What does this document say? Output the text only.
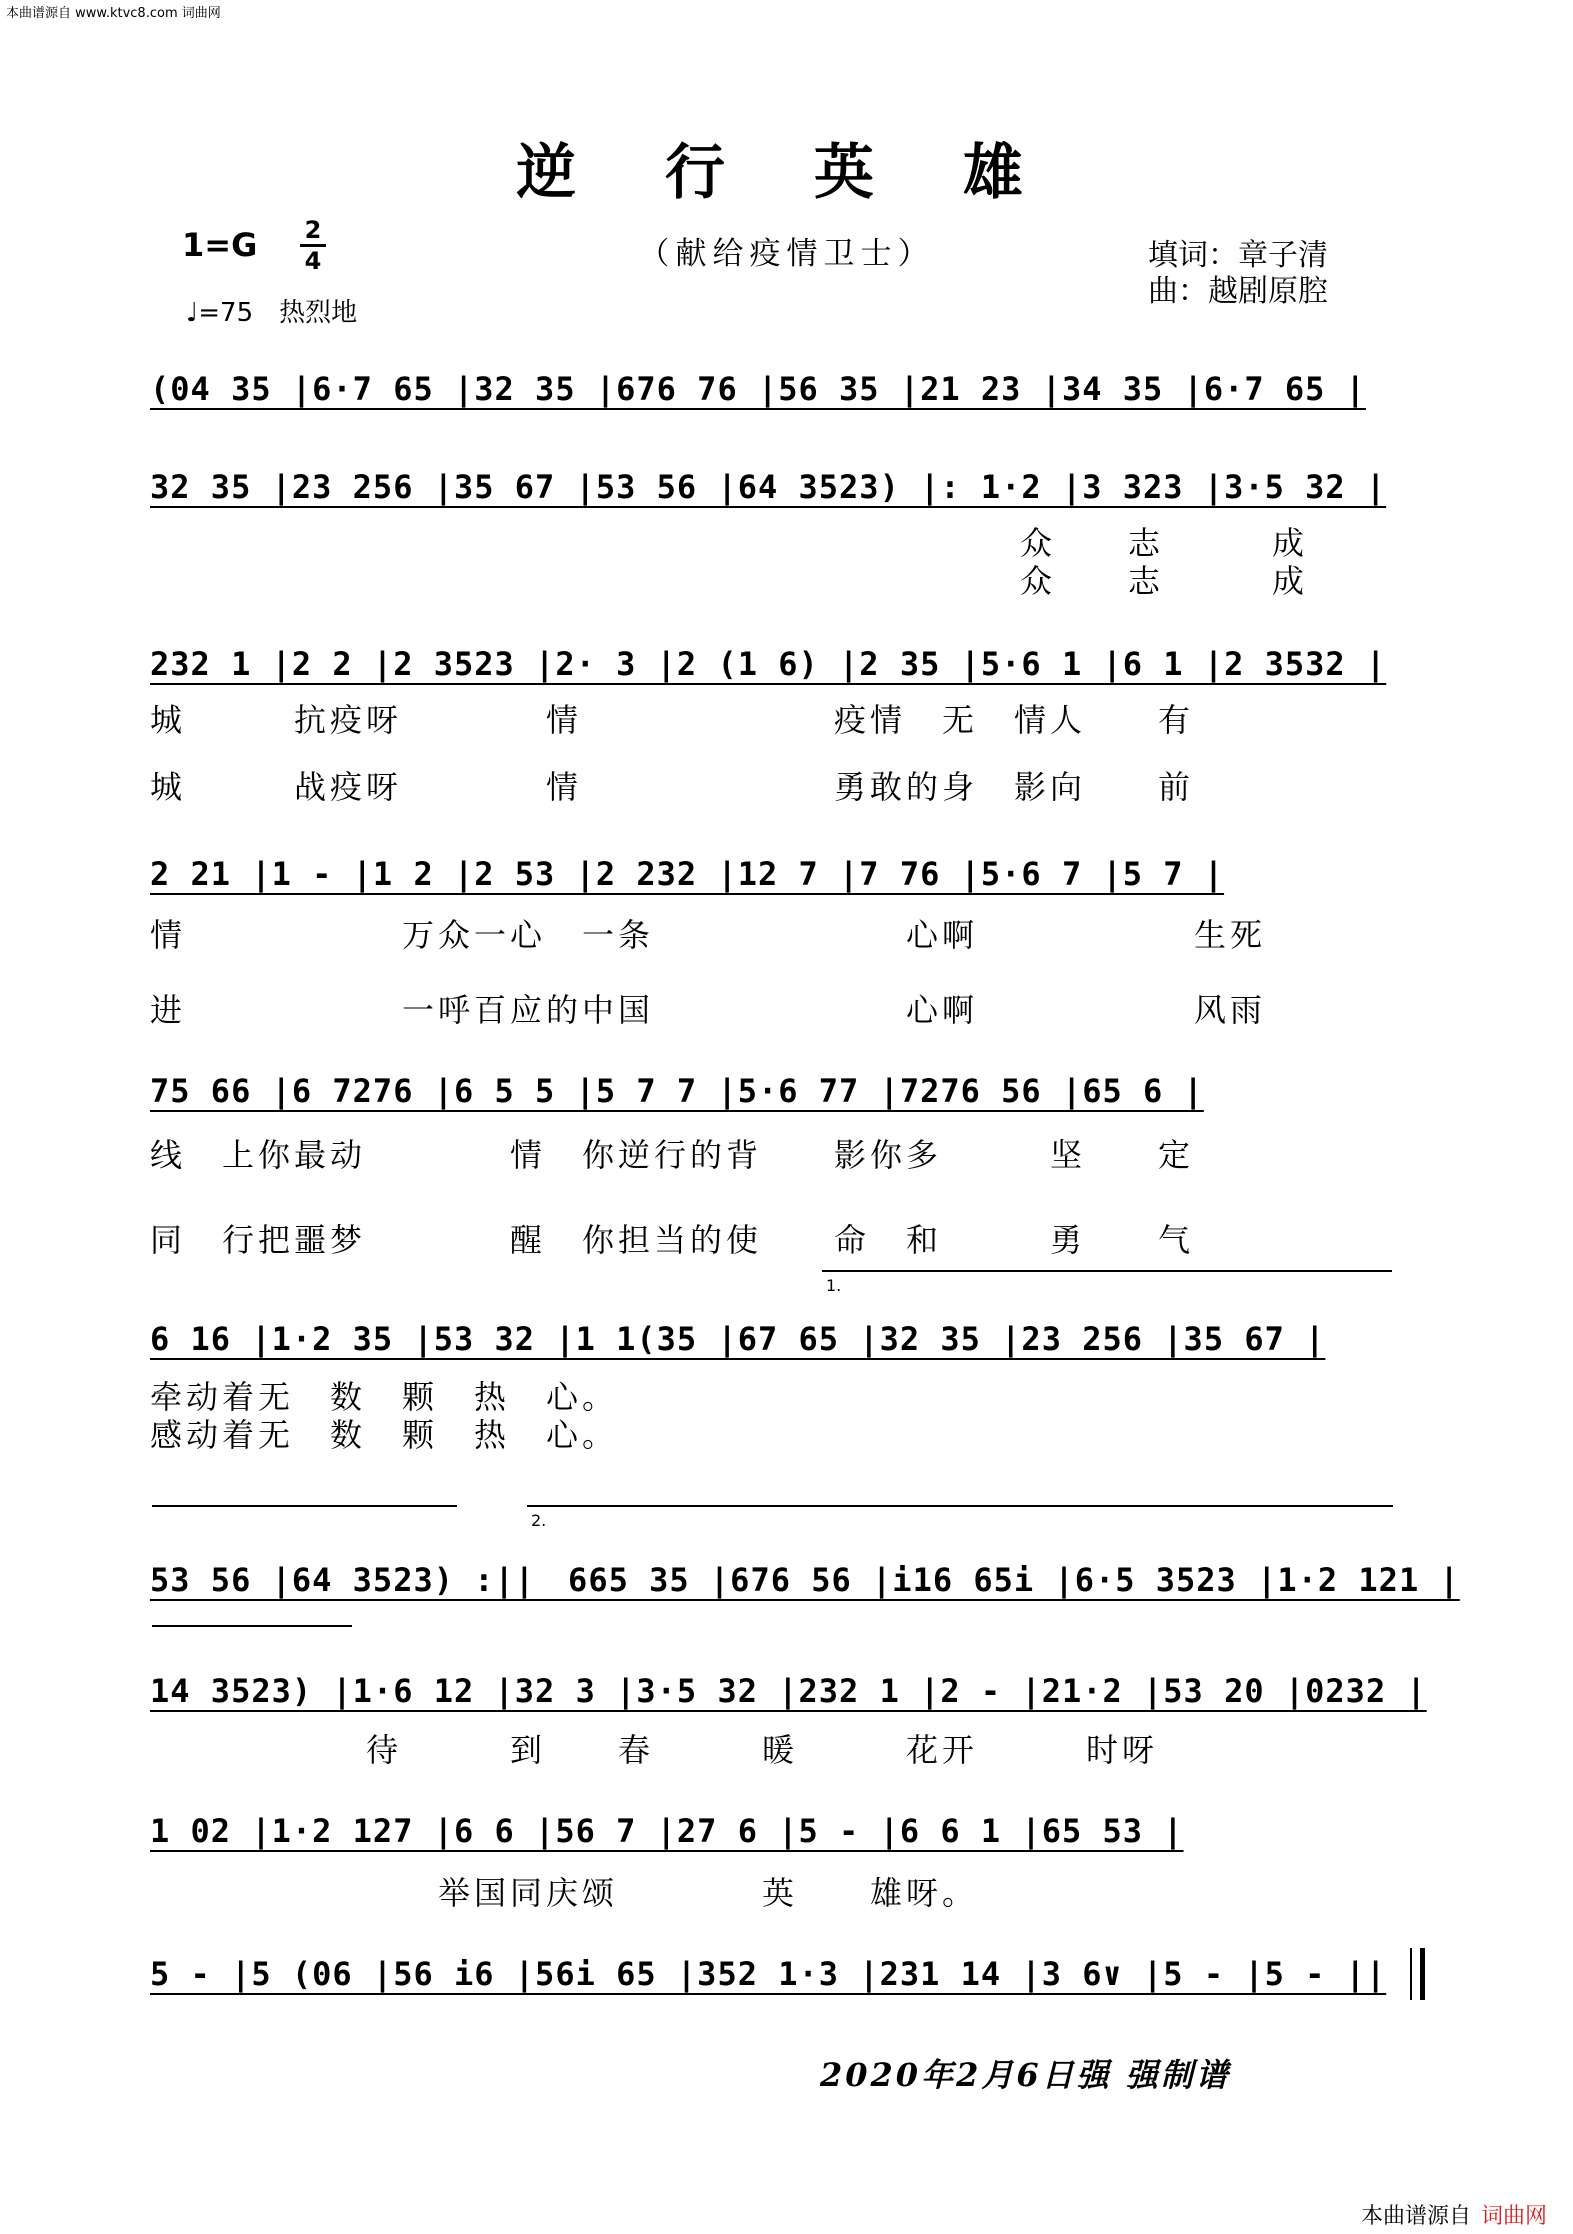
本曲谱源自 www.ktvc8.com 词曲网
逆 行 英 雄
（献给疫情卫士）
1=G 2
4
♩=75 热烈地
填词：章子清
曲：越剧原腔
(04 35 |6·7 65 |32 35 |676 76 |56 35 |21 23 |34 35 |6·7 65 |
32 35 |23 256 |35 67 |53 56 |64 3523) |: 1·2 |3 323 |3·5 32 |
众　　志　　　成
众　　志　　　成
232 1 |2 2 |2 3523 |2· 3 |2 (1 6) |2 35 |5·6 1 |6 1 |2 3532 |
城　　　抗疫呀　　　　情　　　　　　　疫情　无　情人　　有
城　　　战疫呀　　　　情　　　　　　　勇敢的身　影向　　前
2 21 |1 - |1 2 |2 53 |2 232 |12 7 |7 76 |5·6 7 |5 7 |
情　　　　　　万众一心　一条　　　　　　　心啊　　　　　　生死
进　　　　　　一呼百应的中国　　　　　　　心啊　　　　　　风雨
75 66 |6 7276 |6 5 5 |5 7 7 |5·6 77 |7276 56 |65 6 |
线　上你最动　　　　情　你逆行的背　　影你多　　　坚　　定
同　行把噩梦　　　　醒　你担当的使　　命　和　　　勇　　气
1.
6 16 |1·2 35 |53 32 |1 1(35 |67 65 |32 35 |23 256 |35 67 |
牵动着无　数　颗　热　心。
感动着无　数　颗　热　心。
2.
53 56 |64 3523) :||　665 35 |676 56 |i16 65i |6·5 3523 |1·2 121 |
14 3523) |1·6 12 |32 3 |3·5 32 |232 1 |2 - |21·2 |53 20 |0232 |
　　　　　　待　　　到　　春　　　暖　　　花开　　　时呀
1 02 |1·2 127 |6 6 |56 7 |27 6 |5 - |6 6 1 |65 53 |
　　　　　　　　举国同庆颂　　　　英　　雄呀。
5 - |5 (06 |56 i6 |56i 65 |352 1·3 |231 14 |3 6∨ |5 - |5 - ||
2020年2月6日强 强制谱
本曲谱源自 词曲网
